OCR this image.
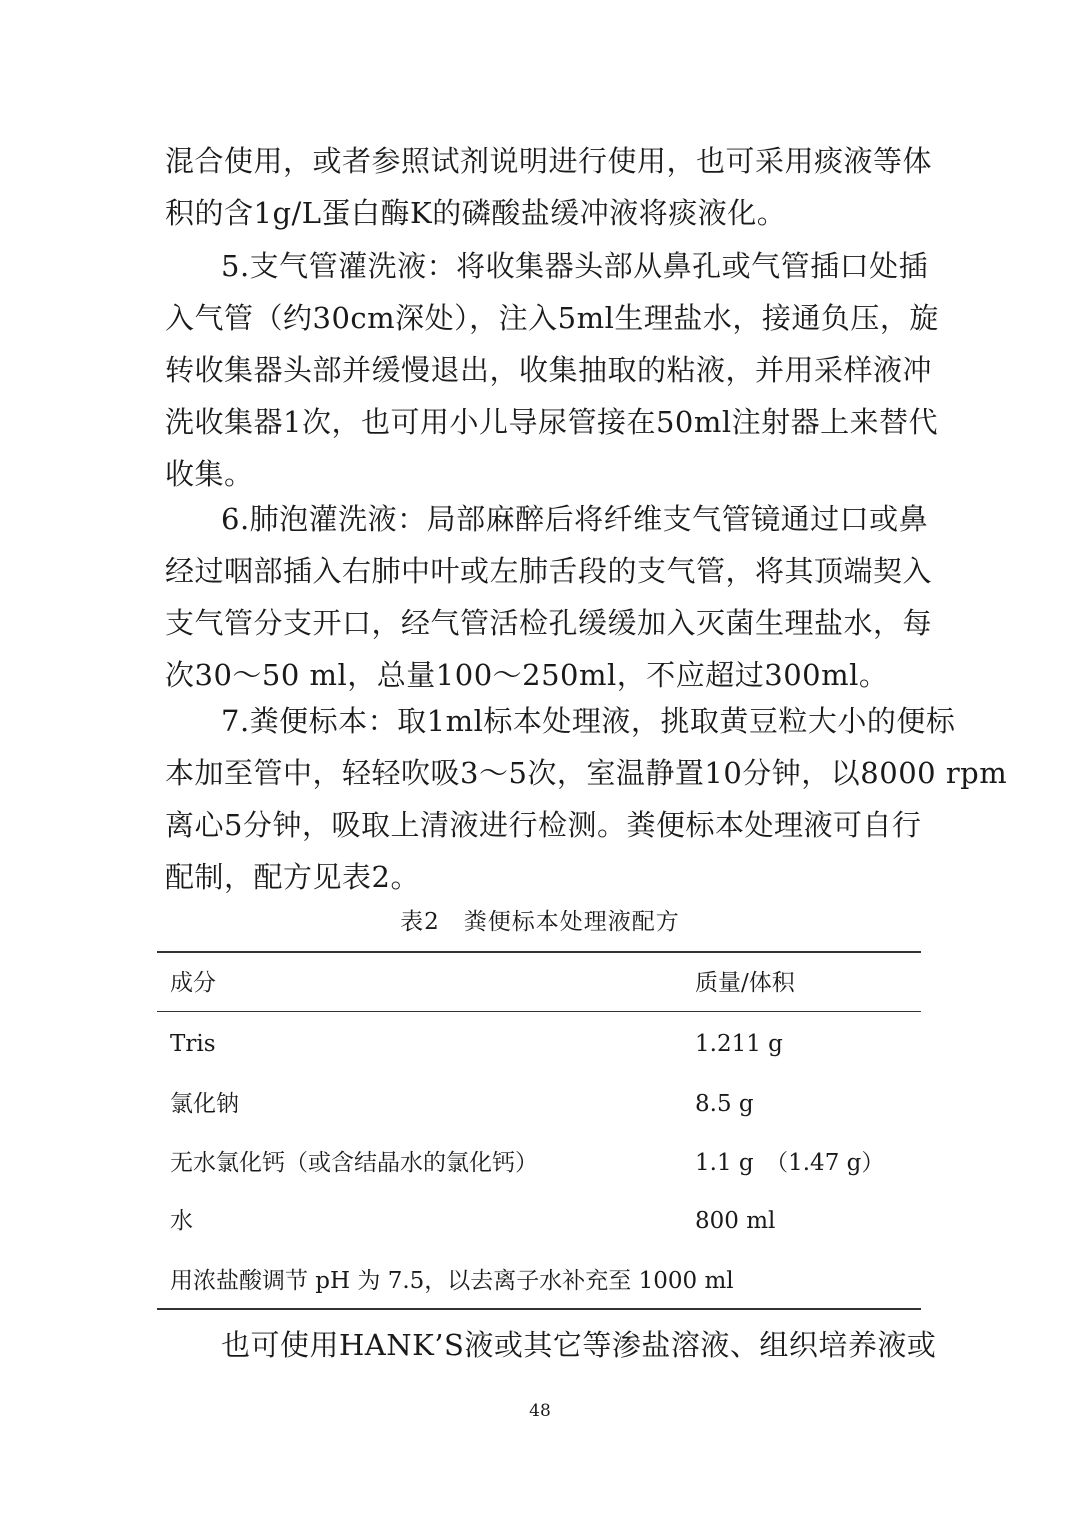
混合使用，或者参照试剂说明进行使用，也可采用痰液等体
积的含1g/L蛋白酶K的磷酸盐缓冲液将痰液化。
5.支气管灌洗液：将收集器头部从鼻孔或气管插口处插
入气管（约30cm深处），注入5ml生理盐水，接通负压，旋
转收集器头部并缓慢退出，收集抽取的粘液，并用采样液冲
洗收集器1次，也可用小儿导尿管接在50ml注射器上来替代
收集。
6.肺泡灌洗液：局部麻醉后将纤维支气管镜通过口或鼻
经过咽部插入右肺中叶或左肺舌段的支气管，将其顶端契入
支气管分支开口，经气管活检孔缓缓加入灭菌生理盐水，每
次30～50 ml，总量100～250ml，不应超过300ml。
7.粪便标本：取1ml标本处理液，挑取黄豆粒大小的便标
本加至管中，轻轻吹吸3～5次，室温静置10分钟，以8000 rpm
离心5分钟，吸取上清液进行检测。粪便标本处理液可自行
配制，配方见表2。
表2　粪便标本处理液配方
成分	质量/体积
Tris	1.211 g
氯化钠	8.5 g
无水氯化钙（或含结晶水的氯化钙）	1.1 g　（1.47 g）
水	800 ml
用浓盐酸调节 pH 为 7.5，以去离子水补充至 1000 ml
也可使用HANK’S液或其它等渗盐溶液、组织培养液或
48
